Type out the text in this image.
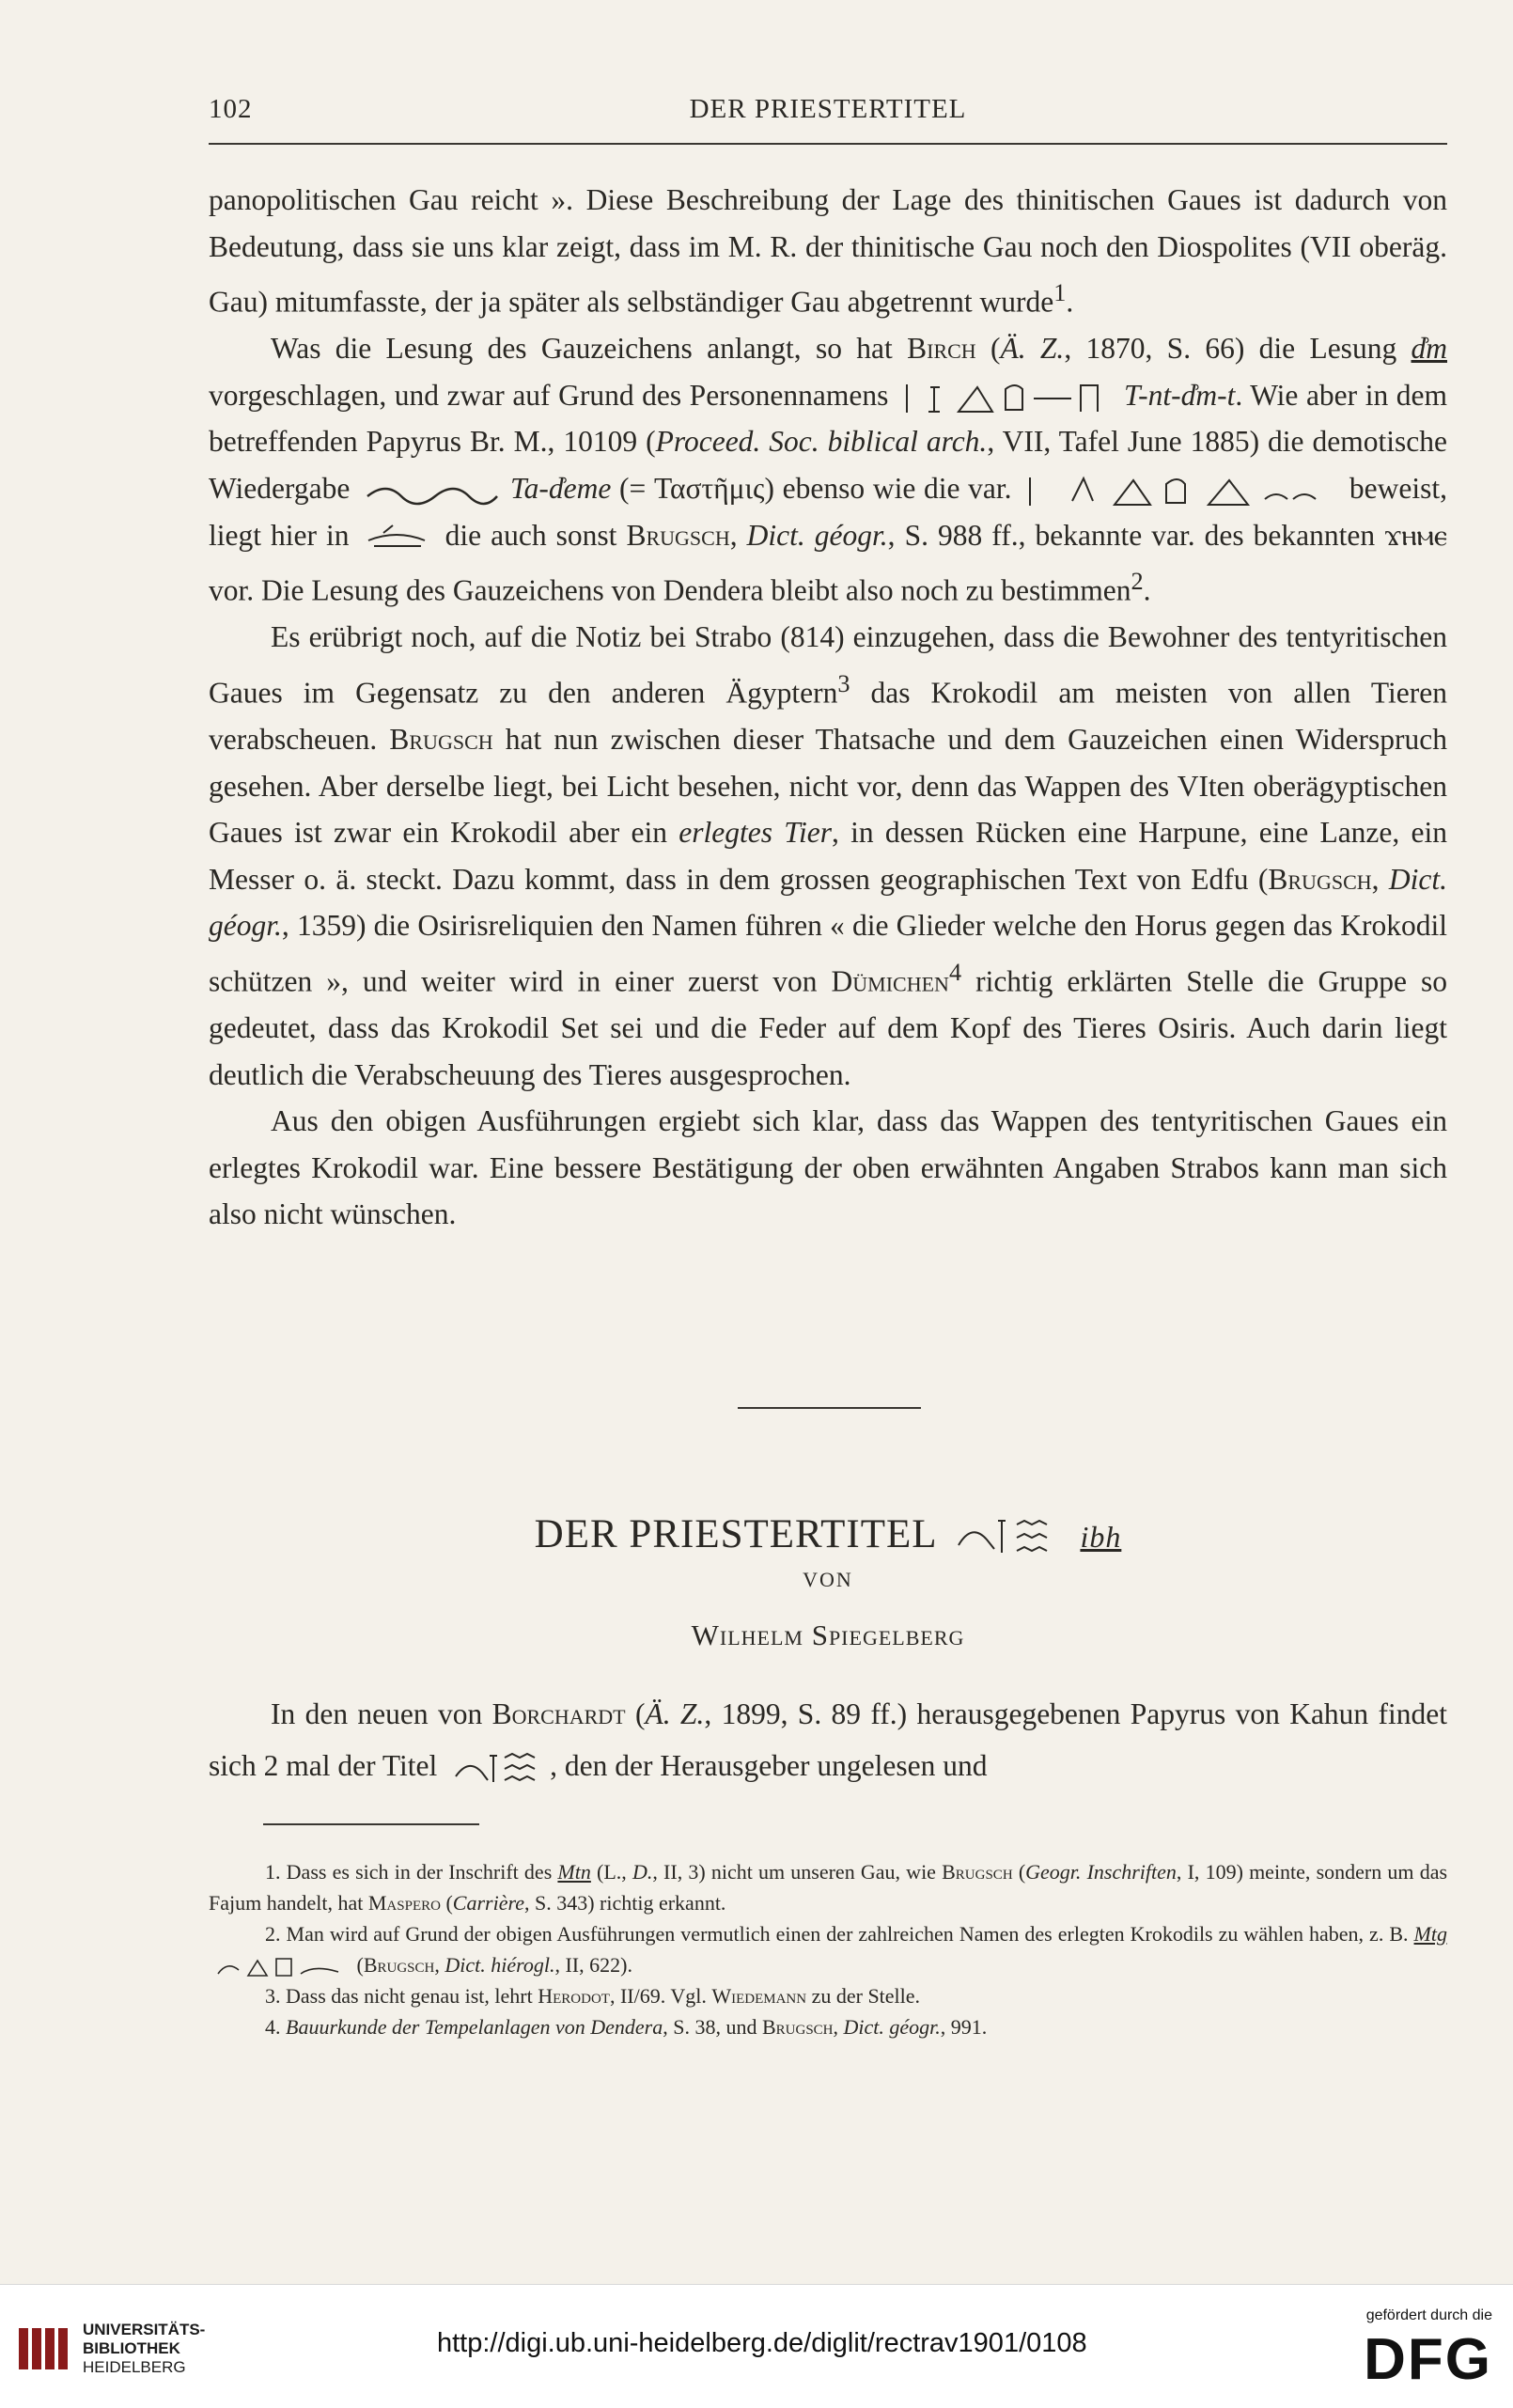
102	DER PRIESTERTITEL

panopolitischen Gau reicht ». Diese Beschreibung der Lage des thinitischen Gaues ist dadurch von Bedeutung, dass sie uns klar zeigt, dass im M. R. der thinitische Gau noch den Diospolites (VII oberäg. Gau) mitumfasste, der ja später als selbständiger Gau abgetrennt wurde$^1$.

Was die Lesung des Gauzeichens anlangt, so hat Birch (Ä. Z., 1870, S. 66) die Lesung d͗m vorgeschlagen, und zwar auf Grund des Personennamens	T-nt-d͗m-t. Wie aber in dem betreffenden Papyrus Br. M., 10109 (Proceed. Soc. biblical arch., VII, Tafel June 1885) die demotische Wiedergabe	Ta-d͗eme (= Ταστῆμις) ebenso wie die var.	beweist, liegt hier in	die auch sonst Brugsch, Dict. géogr., S. 988 ff., bekannte var. des bekannten ϫⲏⲙⲉ vor. Die Lesung des Gauzeichens von Dendera bleibt also noch zu bestimmen$^2$.

Es erübrigt noch, auf die Notiz bei Strabo (814) einzugehen, dass die Bewohner des tentyritischen Gaues im Gegensatz zu den anderen Ägyptern$^3$ das Krokodil am meisten von allen Tieren verabscheuen. Brugsch hat nun zwischen dieser Thatsache und dem Gauzeichen einen Widerspruch gesehen. Aber derselbe liegt, bei Licht besehen, nicht vor, denn das Wappen des VIten oberägyptischen Gaues ist zwar ein Krokodil aber ein erlegtes Tier, in dessen Rücken eine Harpune, eine Lanze, ein Messer o. ä. steckt. Dazu kommt, dass in dem grossen geographischen Text von Edfu (Brugsch, Dict. géogr., 1359) die Osirisreliquien den Namen führen « die Glieder welche den Horus gegen das Krokodil schützen », und weiter wird in einer zuerst von Dümichen$^4$ richtig erklärten Stelle die Gruppe so gedeutet, dass das Krokodil Set sei und die Feder auf dem Kopf des Tieres Osiris. Auch darin liegt deutlich die Verabscheuung des Tieres ausgesprochen.

Aus den obigen Ausführungen ergiebt sich klar, dass das Wappen des tentyritischen Gaues ein erlegtes Krokodil war. Eine bessere Bestätigung der oben erwähnten Angaben Strabos kann man sich also nicht wünschen.

DER PRIESTERTITEL	ibh
VON
Wilhelm Spiegelberg

In den neuen von Borchardt (Ä. Z., 1899, S. 89 ff.) herausgegebenen Papyrus von Kahun findet sich 2 mal der Titel	, den der Herausgeber ungelesen und

1. Dass es sich in der Inschrift des Mtn (L., D., II, 3) nicht um unseren Gau, wie Brugsch (Geogr. Inschriften, I, 109) meinte, sondern um das Fajum handelt, hat Maspero (Carrière, S. 343) richtig erkannt.

2. Man wird auf Grund der obigen Ausführungen vermutlich einen der zahlreichen Namen des erlegten Krokodils zu wählen haben, z. B. Mtg
(Brugsch, Dict. hiérogl., II, 622).

3. Dass das nicht genau ist, lehrt Herodot, II/69. Vgl. Wiedemann zu der Stelle.

4. Bauurkunde der Tempelanlagen von Dendera, S. 38, und Brugsch, Dict. géogr., 991.

UNIVERSITÄTS-
BIBLIOTHEK
HEIDELBERG
http://digi.ub.uni-heidelberg.de/diglit/rectrav1901/0108
gefördert durch die
DFG
